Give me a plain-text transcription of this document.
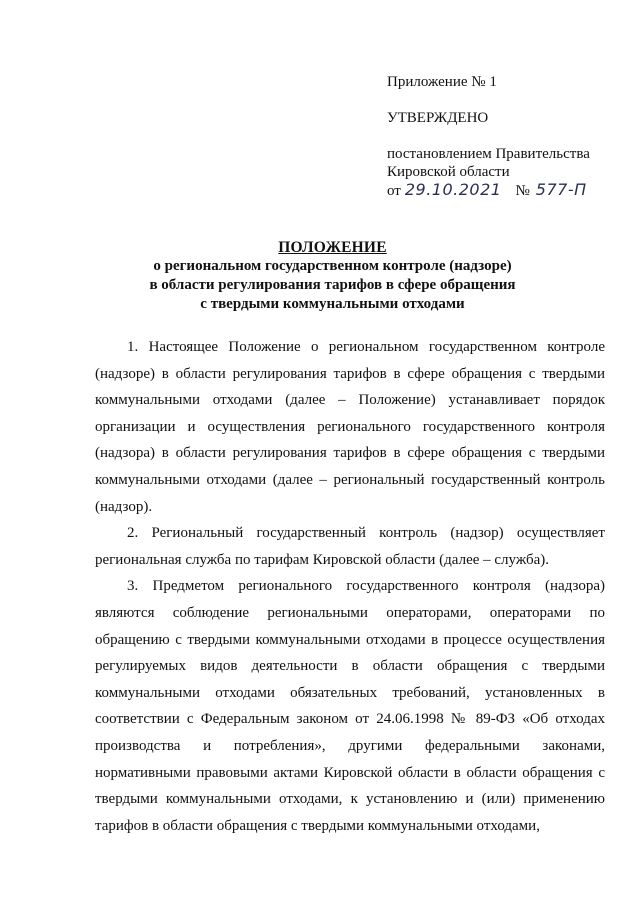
Приложение № 1
УТВЕРЖДЕНО
постановлением Правительства
Кировской области
от 29.10.2021 № 577-П
ПОЛОЖЕНИЕ
о региональном государственном контроле (надзоре)
в области регулирования тарифов в сфере обращения
с твердыми коммунальными отходами

1. Настоящее Положение о региональном государственном контроле (надзоре) в области регулирования тарифов в сфере обращения с твердыми коммунальными отходами (далее – Положение) устанавливает порядок организации и осуществления регионального государственного контроля (надзора) в области регулирования тарифов в сфере обращения с твердыми коммунальными отходами (далее – региональный государственный контроль (надзор).

2. Региональный государственный контроль (надзор) осуществляет региональная служба по тарифам Кировской области (далее – служба).

3. Предметом регионального государственного контроля (надзора) являются соблюдение региональными операторами, операторами по обращению с твердыми коммунальными отходами в процессе осуществления регулируемых видов деятельности в области обращения с твердыми коммунальными отходами обязательных требований, установленных в соответствии с Федеральным законом от 24.06.1998 № 89-ФЗ «Об отходах производства и потребления», другими федеральными законами, нормативными правовыми актами Кировской области в области обращения с твердыми коммунальными отходами, к установлению и (или) применению тарифов в области обращения с твердыми коммунальными отходами,
